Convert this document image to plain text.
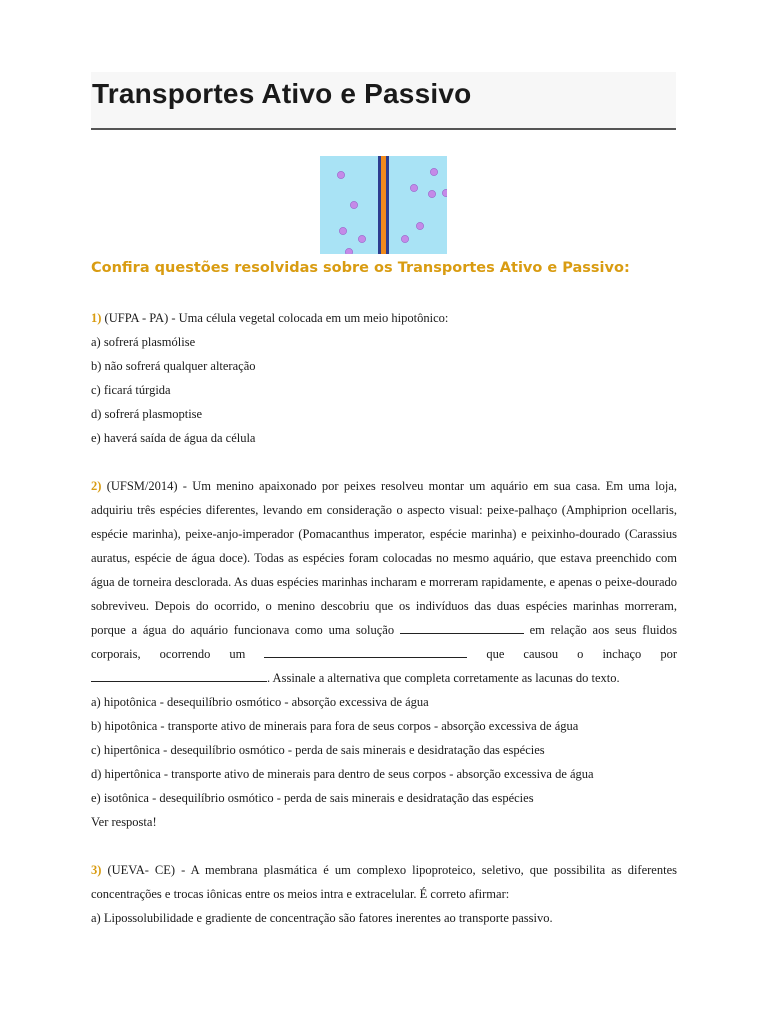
Transportes Ativo e Passivo
Confira questões resolvidas sobre os Transportes Ativo e Passivo:

1) (UFPA - PA) - Uma célula vegetal colocada em um meio hipotônico:

a) sofrerá plasmólise

b) não sofrerá qualquer alteração

c) ficará túrgida

d) sofrerá plasmoptise

e) haverá saída de água da célula

2) (UFSM/2014) - Um menino apaixonado por peixes resolveu montar um aquário em sua casa. Em uma loja, adquiriu três espécies diferentes, levando em consideração o aspecto visual: peixe-palhaço (Amphiprion ocellaris, espécie marinha), peixe-anjo-imperador (Pomacanthus imperator, espécie marinha) e peixinho-dourado (Carassius auratus, espécie de água doce). Todas as espécies foram colocadas no mesmo aquário, que estava preenchido com água de torneira desclorada. As duas espécies marinhas incharam e morreram rapidamente, e apenas o peixe-dourado sobreviveu. Depois do ocorrido, o menino descobriu que os indivíduos das duas espécies marinhas morreram, porque a água do aquário funcionava como uma solução	em relação aos seus fluidos corporais, ocorrendo um	que causou o inchaço por . Assinale a alternativa que completa corretamente as lacunas do texto.

a) hipotônica - desequilíbrio osmótico - absorção excessiva de água

b) hipotônica - transporte ativo de minerais para fora de seus corpos - absorção excessiva de água

c) hipertônica - desequilíbrio osmótico - perda de sais minerais e desidratação das espécies

d) hipertônica - transporte ativo de minerais para dentro de seus corpos - absorção excessiva de água

e) isotônica - desequilíbrio osmótico - perda de sais minerais e desidratação das espécies

Ver resposta!

3) (UEVA- CE) - A membrana plasmática é um complexo lipoproteico, seletivo, que possibilita as diferentes concentrações e trocas iônicas entre os meios intra e extracelular. É correto afirmar:

a) Lipossolubilidade e gradiente de concentração são fatores inerentes ao transporte passivo.
